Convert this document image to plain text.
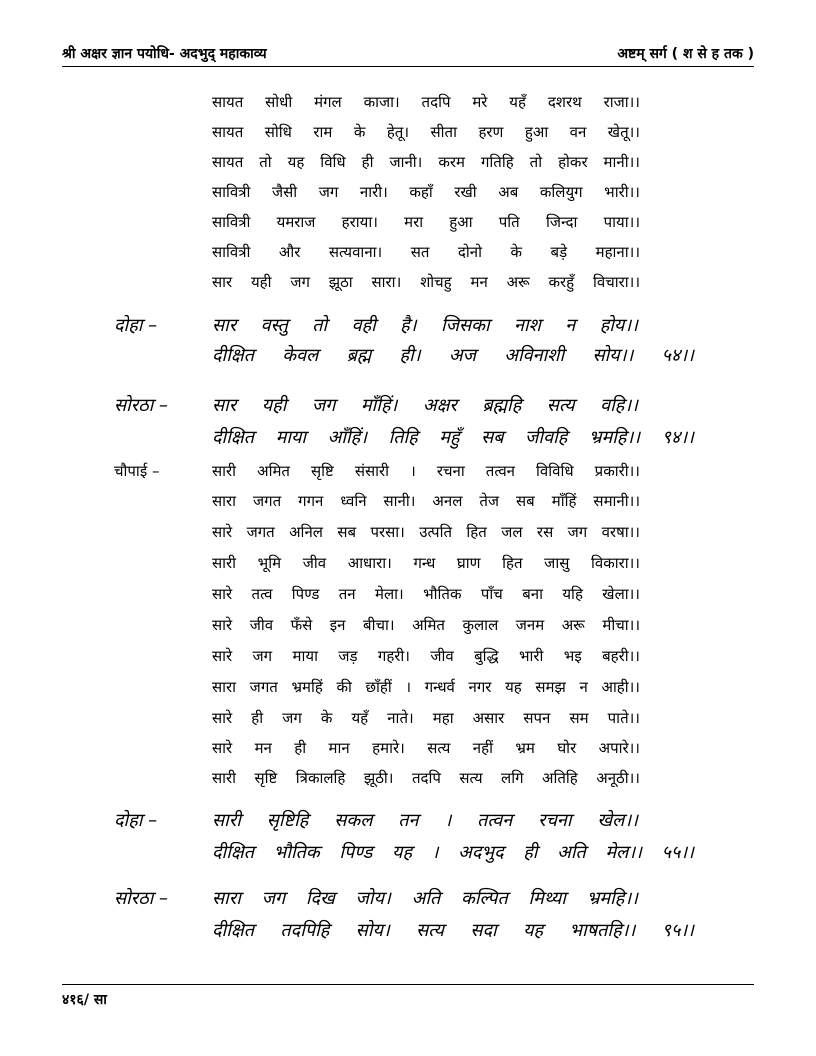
श्री अक्षर ज्ञान पयोधि- अदभुद् महाकाव्य	अष्टम् सर्ग ( श से ह तक )
सायत सोधी मंगल काजा। तदपि मरे यहँ दशरथ राजा।।
सायत सोधि राम के हेतू। सीता हरण हुआ वन खेतू।।
सायत तो यह विधि ही जानी। करम गतिहि तो होकर मानी।।
सावित्री जैसी जग नारी। कहाँ रखी अब कलियुग भारी।।
सावित्री यमराज हराया। मरा हुआ पति जिन्दा पाया।।
सावित्री और सत्यवाना। सत दोनो के बड़े महाना।।
सार यही जग झूठा सारा। शोचहु मन अरू करहुँ विचारा।।
दोहा –	सार वस्तु तो वही है। जिसका नाश न होय।।
दीक्षित केवल ब्रह्म ही। अज अविनाशी सोय।। ५४।।
सोरठा – सार यही जग माँहिं। अक्षर ब्रह्महि सत्य वहि।।
दीक्षित माया आँहिं। तिहि महुँ सब जीवहि भ्रमहि।। ९४।।
चौपाई –	सारी अमित सृष्टि संसारी । रचना तत्वन विविधि प्रकारी।।
सारा जगत गगन ध्वनि सानी। अनल तेज सब माँहिं समानी।।
सारे जगत अनिल सब परसा। उत्पति हित जल रस जग वरषा।।
सारी भूमि जीव आधारा। गन्ध घ्राण हित जासु विकारा।।
सारे तत्व पिण्ड तन मेला। भौतिक पाँच बना यहि खेला।।
सारे जीव फँसे इन बीचा। अमित कुलाल जनम अरू मीचा।।
सारे जग माया जड़ गहरी। जीव बुद्धि भारी भइ बहरी।।
सारा जगत भ्रमहिं की छाँहीं । गन्धर्व नगर यह समझ न आही।।
सारे ही जग के यहँ नाते। महा असार सपन सम पाते।।
सारे मन ही मान हमारे। सत्य नहीं भ्रम घोर अपारे।।
सारी सृष्टि त्रिकालहि झूठी। तदपि सत्य लगि अतिहि अनूठी।।
दोहा –	सारी सृष्टिहि सकल तन । तत्वन रचना खेल।।
दीक्षित भौतिक पिण्ड यह । अदभुद ही अति मेल।। ५५।।
सोरठा – सारा जग दिख जोय। अति कल्पित मिथ्या भ्रमहि।।
दीक्षित तदपिहि सोय। सत्य सदा यह भाषतहि।। ९५।।
४१६/ सा
